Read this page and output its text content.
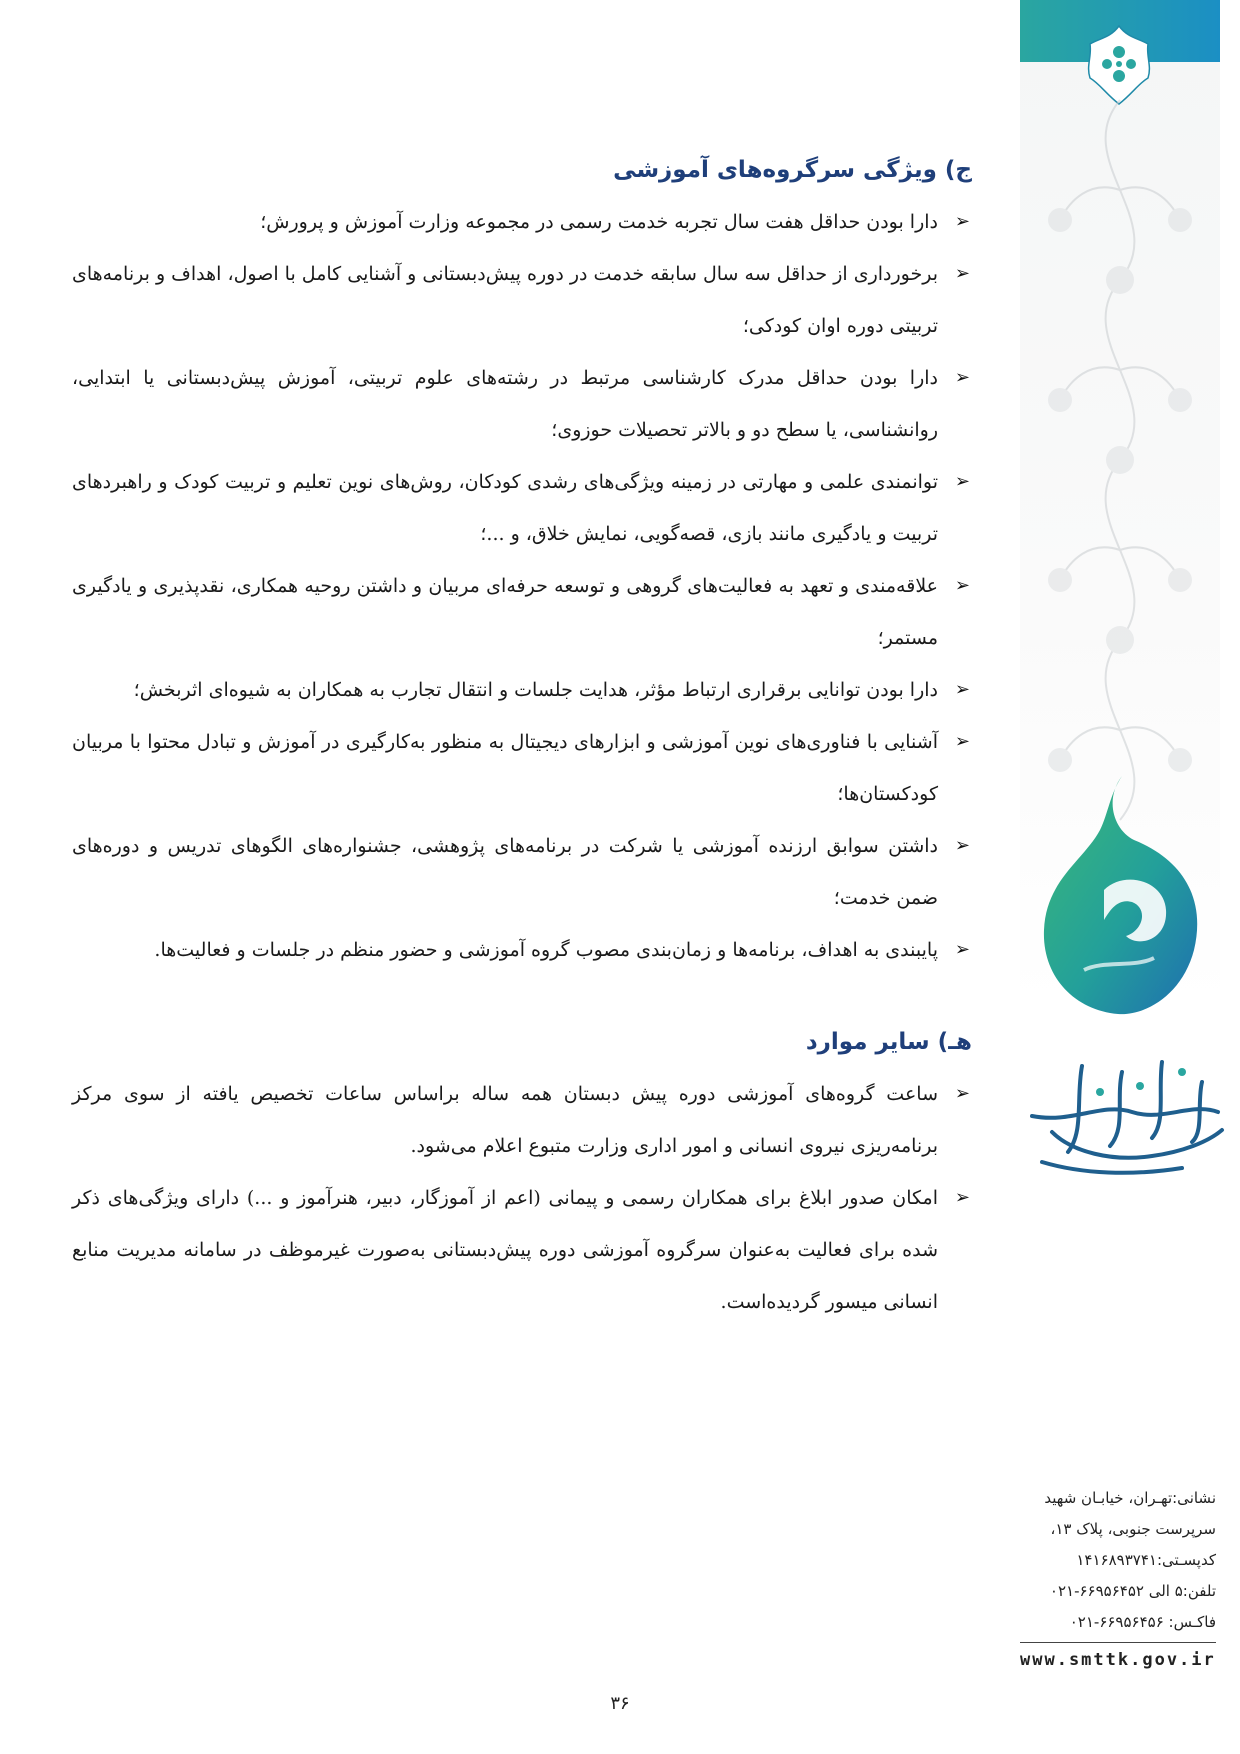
ج) ویژگی سرگروه‌های آموزشی
➢
دارا بودن حداقل هفت سال تجربه خدمت رسمی در مجموعه وزارت آموزش و پرورش؛
➢
برخورداری از حداقل سه سال سابقه خدمت در دوره پیش‌دبستانی و آشنایی کامل با اصول، اهداف و برنامه‌های تربیتی دوره اوان کودکی؛
➢
دارا بودن حداقل مدرک کارشناسی مرتبط در رشته‌های علوم تربیتی، آموزش پیش‌دبستانی یا ابتدایی، روانشناسی، یا سطح دو و بالاتر تحصیلات حوزوی؛
➢
توانمندی علمی و مهارتی در زمینه ویژگی‌های رشدی کودکان، روش‌های نوین تعلیم و تربیت کودک و راهبردهای تربیت و یادگیری مانند بازی، قصه‌گویی، نمایش خلاق، و ...؛
➢
علاقه‌مندی و تعهد به فعالیت‌های گروهی و توسعه حرفه‌ای مربیان و داشتن روحیه همکاری، نقدپذیری و یادگیری مستمر؛
➢
دارا بودن توانایی برقراری ارتباط مؤثر، هدایت جلسات و انتقال تجارب به همکاران به شیوه‌ای اثربخش؛
➢
آشنایی با فناوری‌های نوین آموزشی و ابزارهای دیجیتال به منظور به‌کارگیری در آموزش و تبادل محتوا با مربیان کودکستان‌ها؛
➢
داشتن سوابق ارزنده آموزشی یا شرکت در برنامه‌های پژوهشی، جشنواره‌های الگوهای تدریس و دوره‌های ضمن خدمت؛
➢
پایبندی به اهداف، برنامه‌ها و زمان‌بندی مصوب گروه آموزشی و حضور منظم در جلسات و فعالیت‌ها.
هـ) سایر موارد
➢
ساعت گروه‌های آموزشی دوره پیش دبستان همه ساله براساس ساعات تخصیص یافته از سوی مرکز برنامه‌ریزی نیروی انسانی و امور اداری وزارت متبوع اعلام می‌شود.
➢
امکان صدور ابلاغ برای همکاران رسمی و پیمانی (اعم از آموزگار، دبیر، هنرآموز و ...) دارای ویژگی‌های ذکر شده برای فعالیت به‌عنوان سرگروه آموزشی دوره پیش‌دبستانی به‌صورت غیرموظف در سامانه مدیریت منابع انسانی میسور گردیده‌است.
نشانی:تهـران، خیابـان شهید
سرپرست جنوبی، پلاک ۱۳،
کدپسـتی:۱۴۱۶۸۹۳۷۴۱
تلفن:۵ الی ۶۶۹۵۶۴۵۲-۰۲۱
فاکـس: ۶۶۹۵۶۴۵۶-۰۲۱
www.smttk.gov.ir
۳۶
